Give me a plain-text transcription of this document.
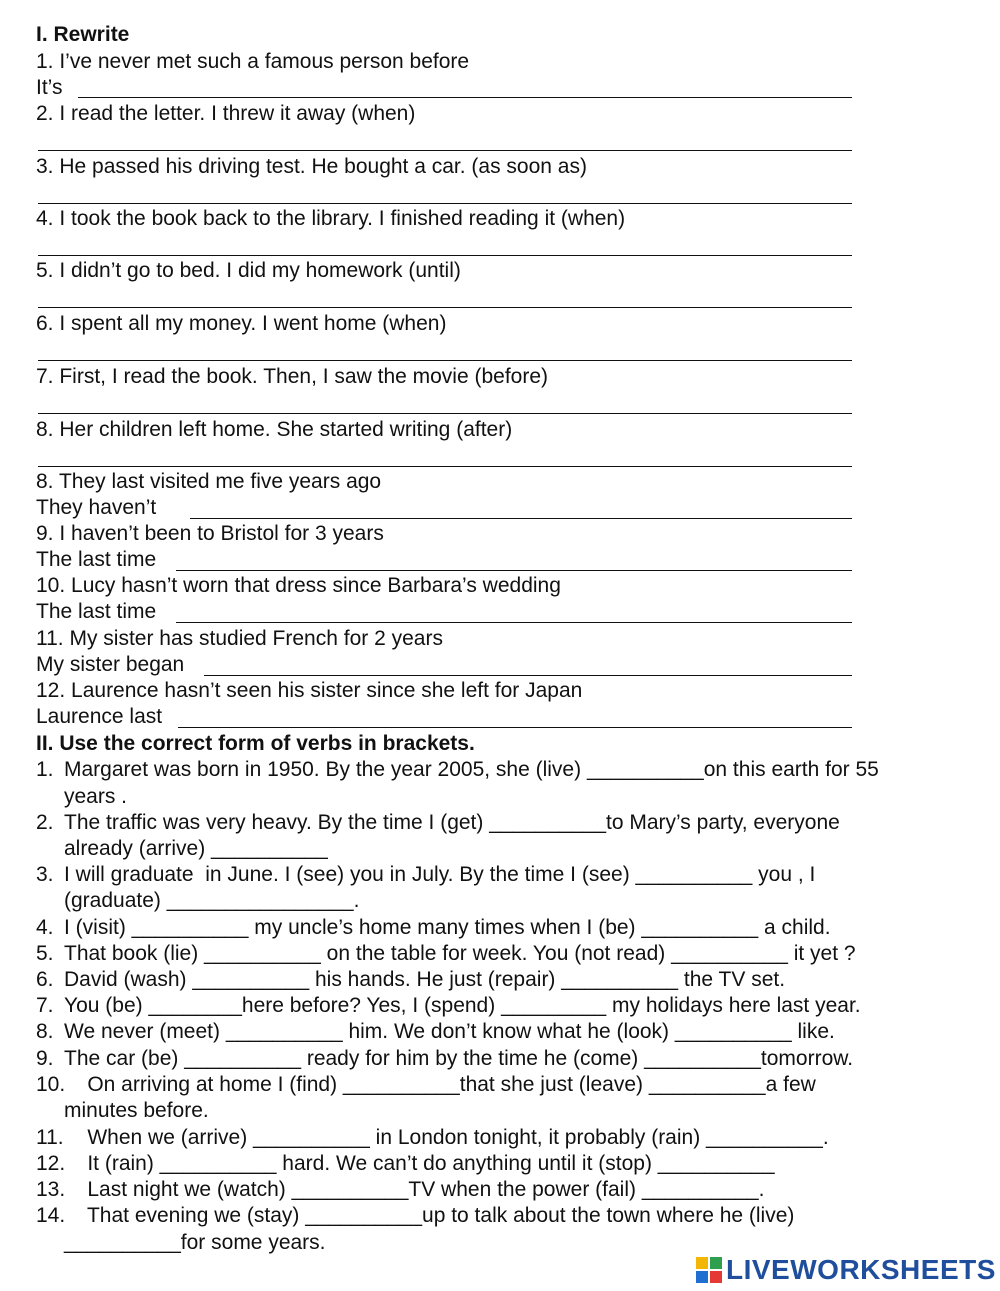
I. Rewrite
1. I’ve never met such a famous person before
It’s
2. I read the letter. I threw it away (when)
3. He passed his driving test. He bought a car. (as soon as)
4. I took the book back to the library. I finished reading it (when)
5. I didn’t go to bed. I did my homework (until)
6. I spent all my money. I went home (when)
7. First, I read the book. Then, I saw the movie (before)
8. Her children left home. She started writing (after)
8. They last visited me five years ago
They haven’t
9. I haven’t been to Bristol for 3 years
The last time
10. Lucy hasn’t worn that dress since Barbara’s wedding
The last time
11. My sister has studied French for 2 years
My sister began
12. Laurence hasn’t seen his sister since she left for Japan
Laurence last
II. Use the correct form of verbs in brackets.
1. Margaret was born in 1950. By the year 2005, she (live) __________on this earth for 55
years .
2. The traffic was very heavy. By the time I (get) __________to Mary’s party, everyone
already (arrive) __________
3. I will graduate  in June. I (see) you in July. By the time I (see) __________ you , I
(graduate) ________________.
4. I (visit) __________ my uncle’s home many times when I (be) __________ a child.
5. That book (lie) __________ on the table for week. You (not read) __________ it yet ?
6. David (wash) __________ his hands. He just (repair) __________ the TV set.
7. You (be) ________here before? Yes, I (spend) _________ my holidays here last year.
8. We never (meet) __________ him. We don’t know what he (look) __________ like.
9. The car (be) __________ ready for him by the time he (come) __________tomorrow.
10.    On arriving at home I (find) __________that she just (leave) __________a few
minutes before.
11.    When we (arrive) __________ in London tonight, it probably (rain) __________.
12.    It (rain) __________ hard. We can’t do anything until it (stop) __________
13.    Last night we (watch) __________TV when the power (fail) __________.
14.    That evening we (stay) __________up to talk about the town where he (live)
__________for some years.
LIVEWORKSHEETS
